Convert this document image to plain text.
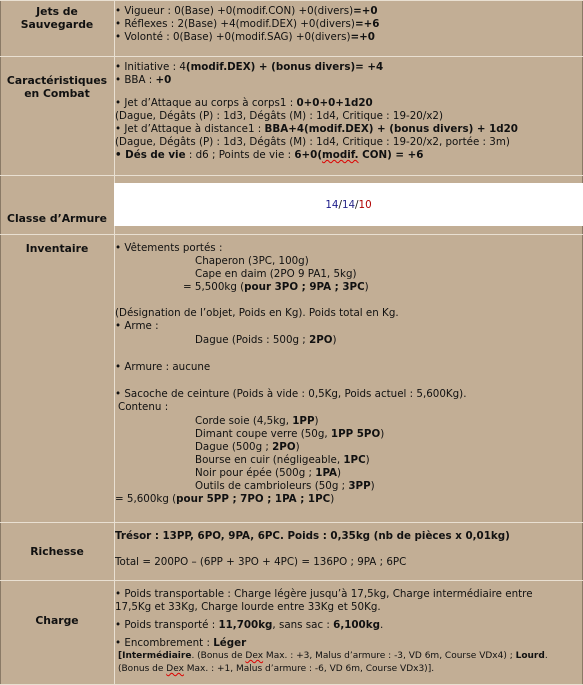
Jets de
Sauvegarde
• Vigueur : 0(Base) +0(modif.CON) +0(divers)=+0
• Réflexes : 2(Base) +4(modif.DEX) +0(divers)=+6
• Volonté : 0(Base) +0(modif.SAG) +0(divers)=+0
Caractéristiques
en Combat
• Initiative : 4(modif.DEX) + (bonus divers)= +4
• BBA : +0
• Jet d’Attaque au corps à corps1 : 0+0+0+1d20
(Dague, Dégâts (P) : 1d3, Dégâts (M) : 1d4, Critique : 19-20/x2)
• Jet d’Attaque à distance1 : BBA+4(modif.DEX) + (bonus divers) + 1d20
(Dague, Dégâts (P) : 1d3, Dégâts (M) : 1d4, Critique : 19-20/x2, portée : 3m)
• Dés de vie : d6 ; Points de vie : 6+0(modif. CON) = +6
Classe d’Armure
14/14/10
Inventaire	• Vêtements portés :
Chaperon (3PC, 100g)
Cape en daim (2PO 9 PA1, 5kg)
= 5,500kg (pour 3PO ; 9PA ; 3PC)
(Désignation de l’objet, Poids en Kg). Poids total en Kg.
• Arme :
Dague (Poids : 500g ; 2PO)
• Armure : aucune
• Sacoche de ceinture (Poids à vide : 0,5Kg, Poids actuel : 5,600Kg).
Contenu :
Corde soie (4,5kg, 1PP)
Dimant coupe verre (50g, 1PP 5PO)
Dague (500g ; 2PO)
Bourse en cuir (négligeable, 1PC)
Noir pour épée (500g ; 1PA)
Outils de cambrioleurs (50g ; 3PP)
= 5,600kg (pour 5PP ; 7PO ; 1PA ; 1PC)
Richesse
Trésor : 13PP, 6PO, 9PA, 6PC. Poids : 0,35kg (nb de pièces x 0,01kg)
Total = 200PO – (6PP + 3PO + 4PC) = 136PO ; 9PA ; 6PC
Charge
• Poids transportable : Charge légère jusqu’à 17,5kg, Charge intermédiaire entre
17,5Kg et 33Kg, Charge lourde entre 33Kg et 50Kg.
• Poids transporté : 11,700kg, sans sac : 6,100kg.
• Encombrement : Léger
[Intermédiaire. (Bonus de Dex Max. : +3, Malus d’armure : -3, VD 6m, Course VDx4) ; Lourd.
(Bonus de Dex Max. : +1, Malus d’armure : -6, VD 6m, Course VDx3)].
